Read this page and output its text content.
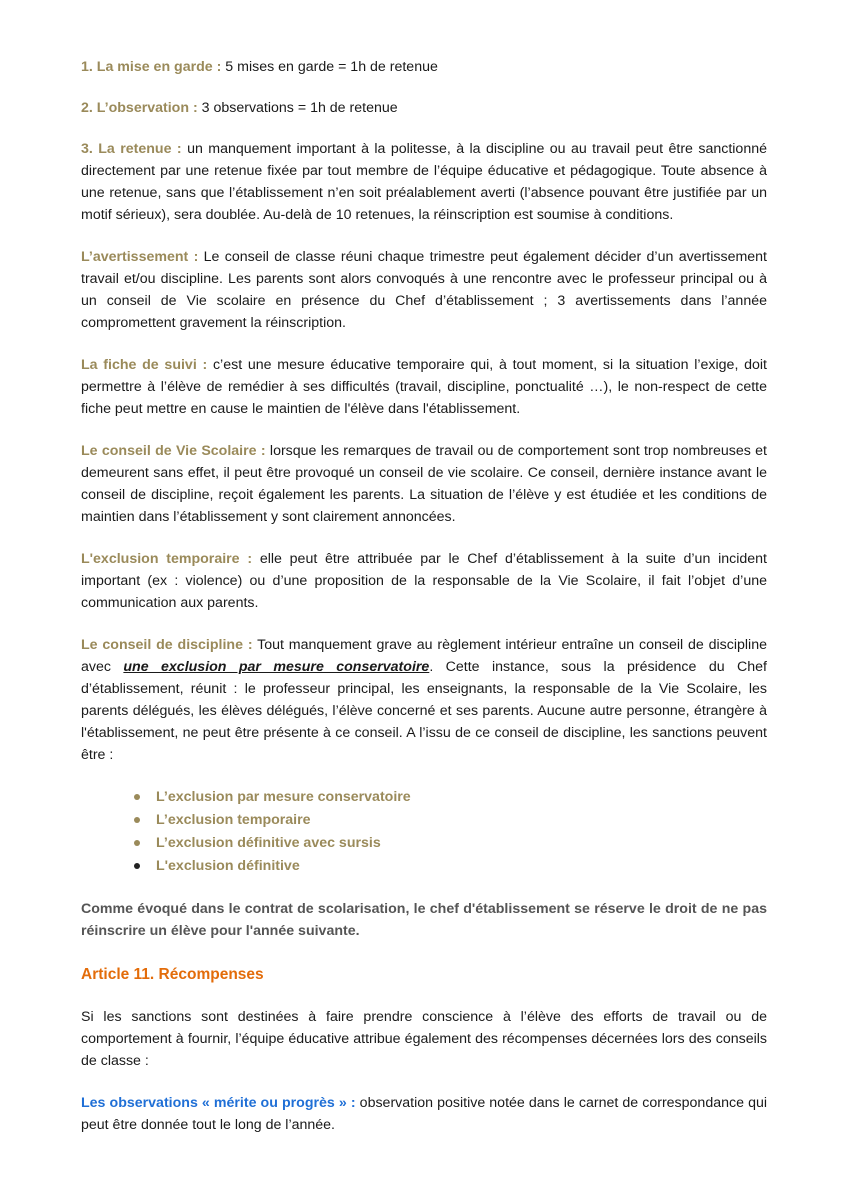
1. La mise en garde : 5 mises en garde = 1h de retenue

2. L’observation : 3 observations = 1h de retenue

3. La retenue : un manquement important à la politesse, à la discipline ou au travail peut être sanctionné directement par une retenue fixée par tout membre de l’équipe éducative et pédagogique. Toute absence à une retenue, sans que l’établissement n’en soit préalablement averti (l’absence pouvant être justifiée par un motif sérieux), sera doublée. Au-delà de 10 retenues, la réinscription est soumise à conditions.

L’avertissement : Le conseil de classe réuni chaque trimestre peut également décider d’un avertissement travail et/ou discipline. Les parents sont alors convoqués à une rencontre avec le professeur principal ou à un conseil de Vie scolaire en présence du Chef d’établissement ; 3 avertissements dans l’année compromettent gravement la réinscription.

La fiche de suivi : c’est une mesure éducative temporaire qui, à tout moment, si la situation l’exige, doit permettre à l’élève de remédier à ses difficultés (travail, discipline, ponctualité …), le non-respect de cette fiche peut mettre en cause le maintien de l'élève dans l'établissement.

Le conseil de Vie Scolaire : lorsque les remarques de travail ou de comportement sont trop nombreuses et demeurent sans effet, il peut être provoqué un conseil de vie scolaire. Ce conseil, dernière instance avant le conseil de discipline, reçoit également les parents. La situation de l’élève y est étudiée et les conditions de maintien dans l’établissement y sont clairement annoncées.

L'exclusion temporaire : elle peut être attribuée par le Chef d’établissement à la suite d’un incident important (ex : violence) ou d’une proposition de la responsable de la Vie Scolaire, il fait l’objet d’une communication aux parents.

Le conseil de discipline : Tout manquement grave au règlement intérieur entraîne un conseil de discipline avec une exclusion par mesure conservatoire. Cette instance, sous la présidence du Chef d’établissement, réunit : le professeur principal, les enseignants, la responsable de la Vie Scolaire, les parents délégués, les élèves délégués, l’élève concerné et ses parents. Aucune autre personne, étrangère à l'établissement, ne peut être présente à ce conseil. A l’issu de ce conseil de discipline, les sanctions peuvent être :

L’exclusion par mesure conservatoire
L’exclusion temporaire
L’exclusion définitive avec sursis
L'exclusion définitive

Comme évoqué dans le contrat de scolarisation, le chef d'établissement se réserve le droit de ne pas réinscrire un élève pour l'année suivante.

Article 11. Récompenses

Si les sanctions sont destinées à faire prendre conscience à l’élève des efforts de travail ou de comportement à fournir, l’équipe éducative attribue également des récompenses décernées lors des conseils de classe :

Les observations « mérite ou progrès » : observation positive notée dans le carnet de correspondance qui peut être donnée tout le long de l’année.
